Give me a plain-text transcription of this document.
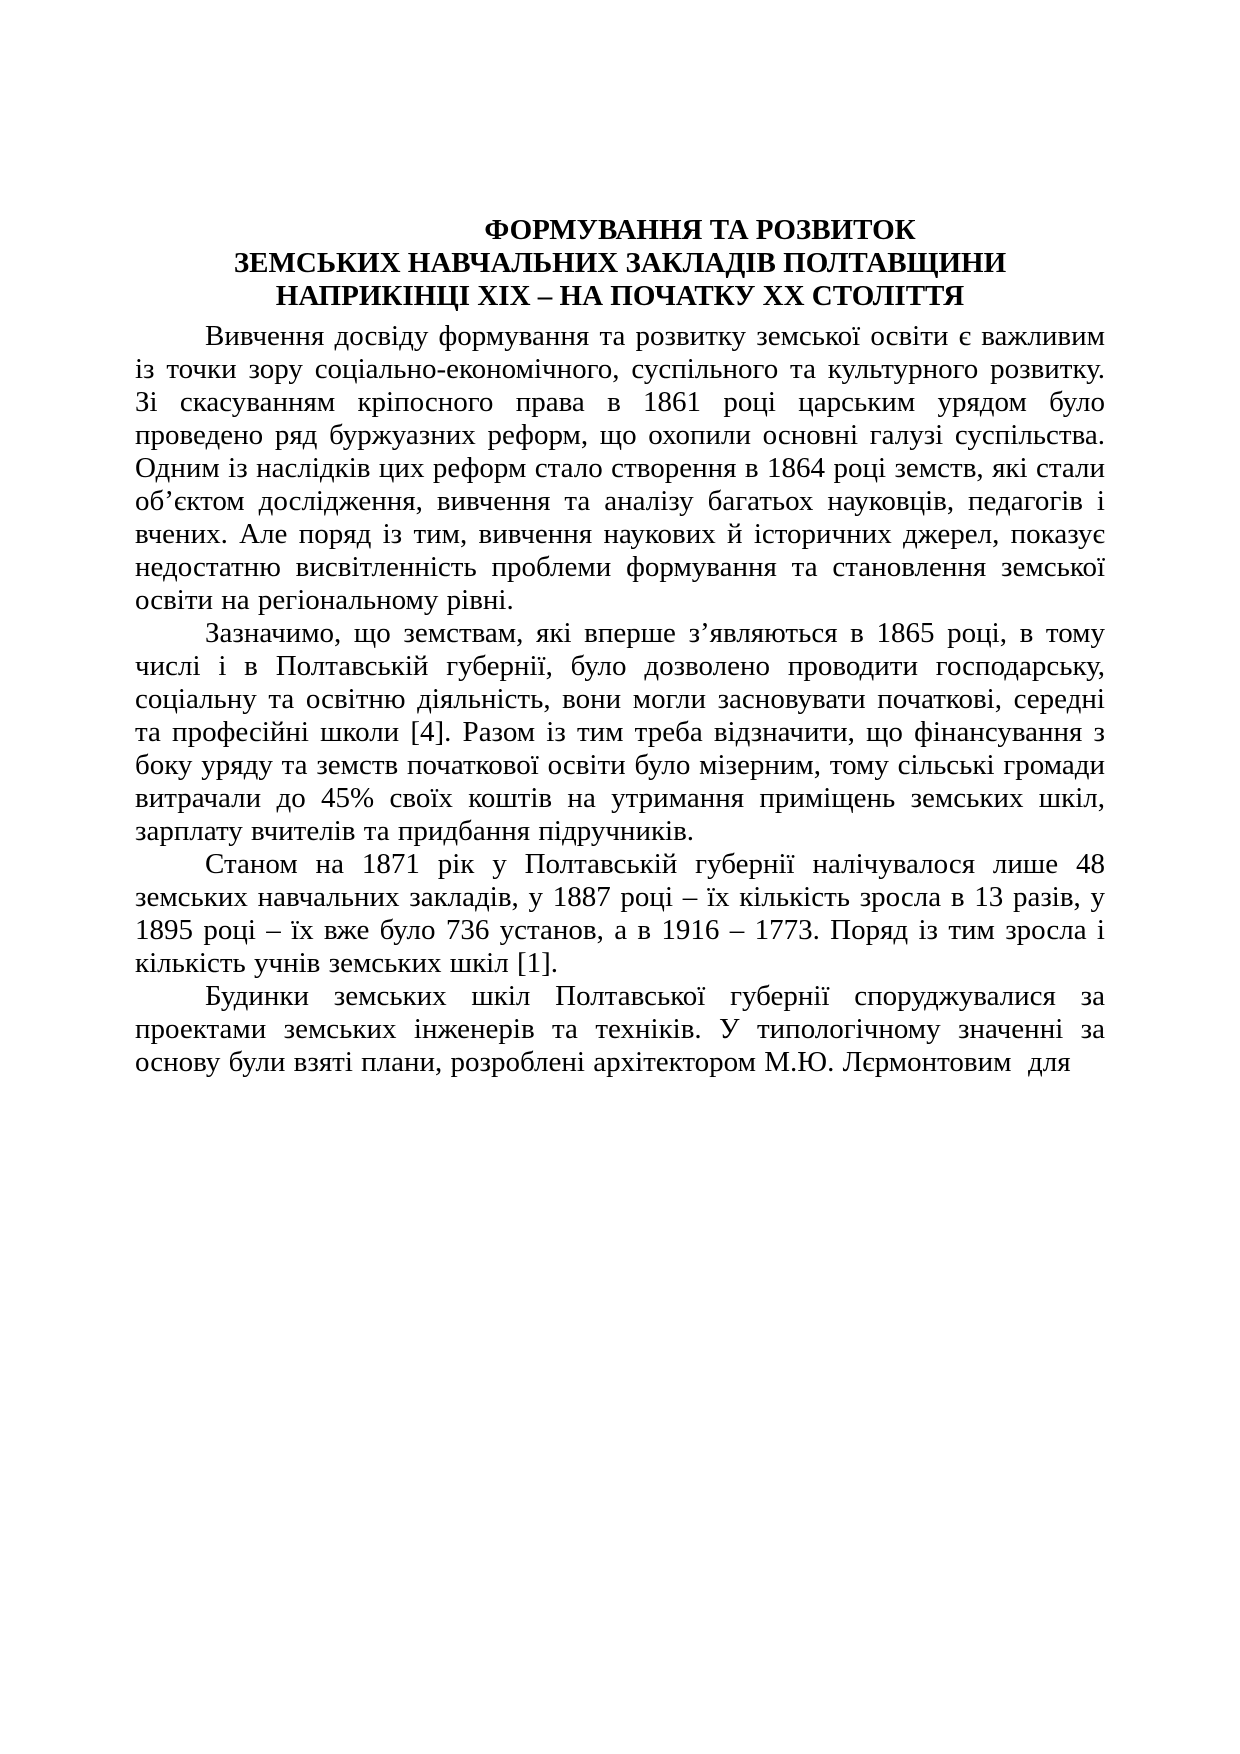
ФОРМУВАННЯ ТА РОЗВИТОК
ЗЕМСЬКИХ НАВЧАЛЬНИХ ЗАКЛАДІВ ПОЛТАВЩИНИ
НАПРИКІНЦІ XIX – НА ПОЧАТКУ XX СТОЛІТТЯ

Вивчення досвіду формування та розвитку земської освіти є важливим із точки зору соціально-економічного, суспільного та культурного розвитку. Зі скасуванням кріпосного права в 1861 році царським урядом було проведено ряд буржуазних реформ, що охопили основні галузі суспільства. Одним із наслідків цих реформ стало створення в 1864 році земств, які стали об’єктом дослідження, вивчення та аналізу багатьох науковців, педагогів і вчених. Але поряд із тим, вивчення наукових й історичних джерел, показує недостатню висвітленність проблеми формування та становлення земської освіти на регіональному рівні.

Зазначимо, що земствам, які вперше з’являються в 1865 році, в тому числі і в Полтавській губернії, було дозволено проводити господарську, соціальну та освітню діяльність, вони могли засновувати початкові, середні та професійні школи [4]. Разом із тим треба відзначити, що фінансування з боку уряду та земств початкової освіти було мізерним, тому сільські громади витрачали до 45% своїх коштів на утримання приміщень земських шкіл, зарплату вчителів та придбання підручників.

Станом на 1871 рік у Полтавській губернії налічувалося лише 48 земських навчальних закладів, у 1887 році – їх кількість зросла в 13 разів, у 1895 році – їх вже було 736 установ, а в 1916 – 1773. Поряд із тим зросла і кількість учнів земських шкіл [1].

Будинки земських шкіл Полтавської губернії споруджувалися за проектами земських інженерів та техніків. У типологічному значенні за основу були взяті плани, розроблені архітектором М.Ю. Лєрмонтовим  для
